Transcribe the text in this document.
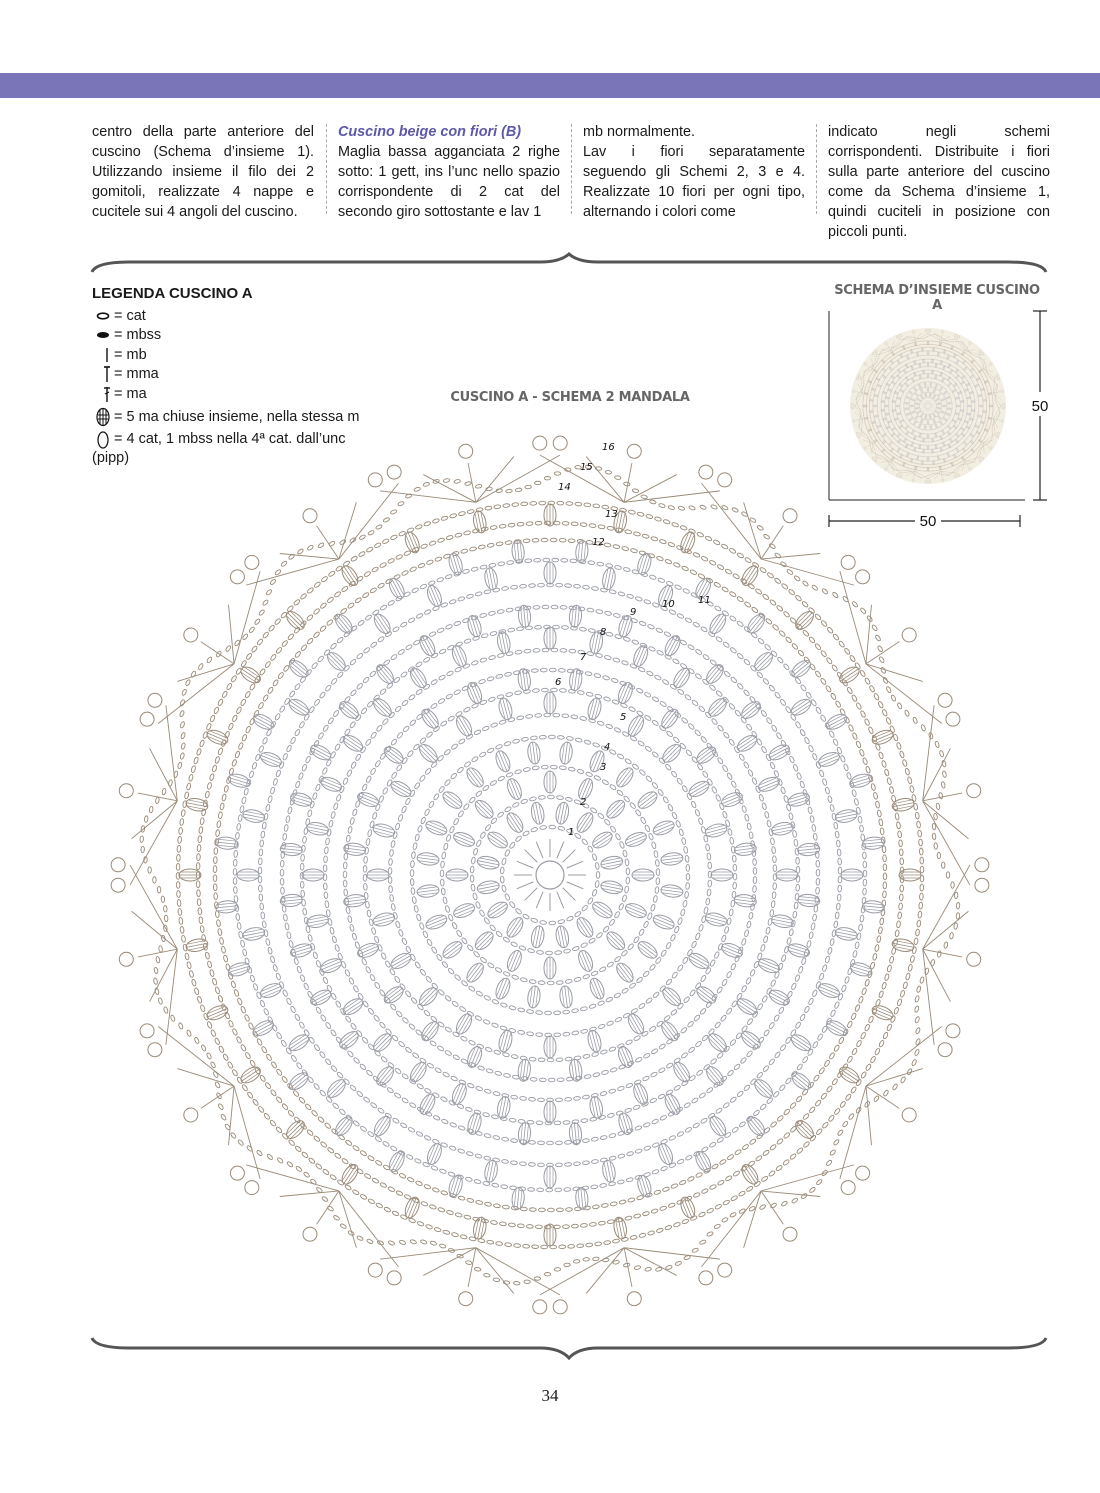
centro della parte anteriore del cuscino (Schema d’insieme 1). Utilizzando insieme il filo dei 2 gomitoli, realizzate 4 nappe e cucitele sui 4 angoli del cuscino.

Cuscino beige con fiori (B)

Maglia bassa agganciata 2 righe sotto: 1 gett, ins l’unc nello spazio corrispondente di 2 cat del secondo giro sottostante e lav 1

mb normalmente.

Lav i fiori separatamente seguendo gli Schemi 2, 3 e 4. Realizzate 10 fiori per ogni tipo, alternando i colori come

indicato negli schemi corrispondenti. Distribuite i fiori sulla parte anteriore del cuscino come da Schema d’insieme 1, quindi cuciteli in posizione con piccoli punti.

LEGENDA CUSCINO A
= cat
= mbss
= mb
= mma
= ma
= 5 ma chiuse insieme, nella stessa m
= 4 cat, 1 mbss nella 4ª cat. dall’unc (pipp)
SCHEMA D’INSIEME CUSCINO A
50
50
CUSCINO A - SCHEMA 2 MANDALA
1
2
3
4
5
6
7
8
9
10 11
12
13
14
15
16
34
